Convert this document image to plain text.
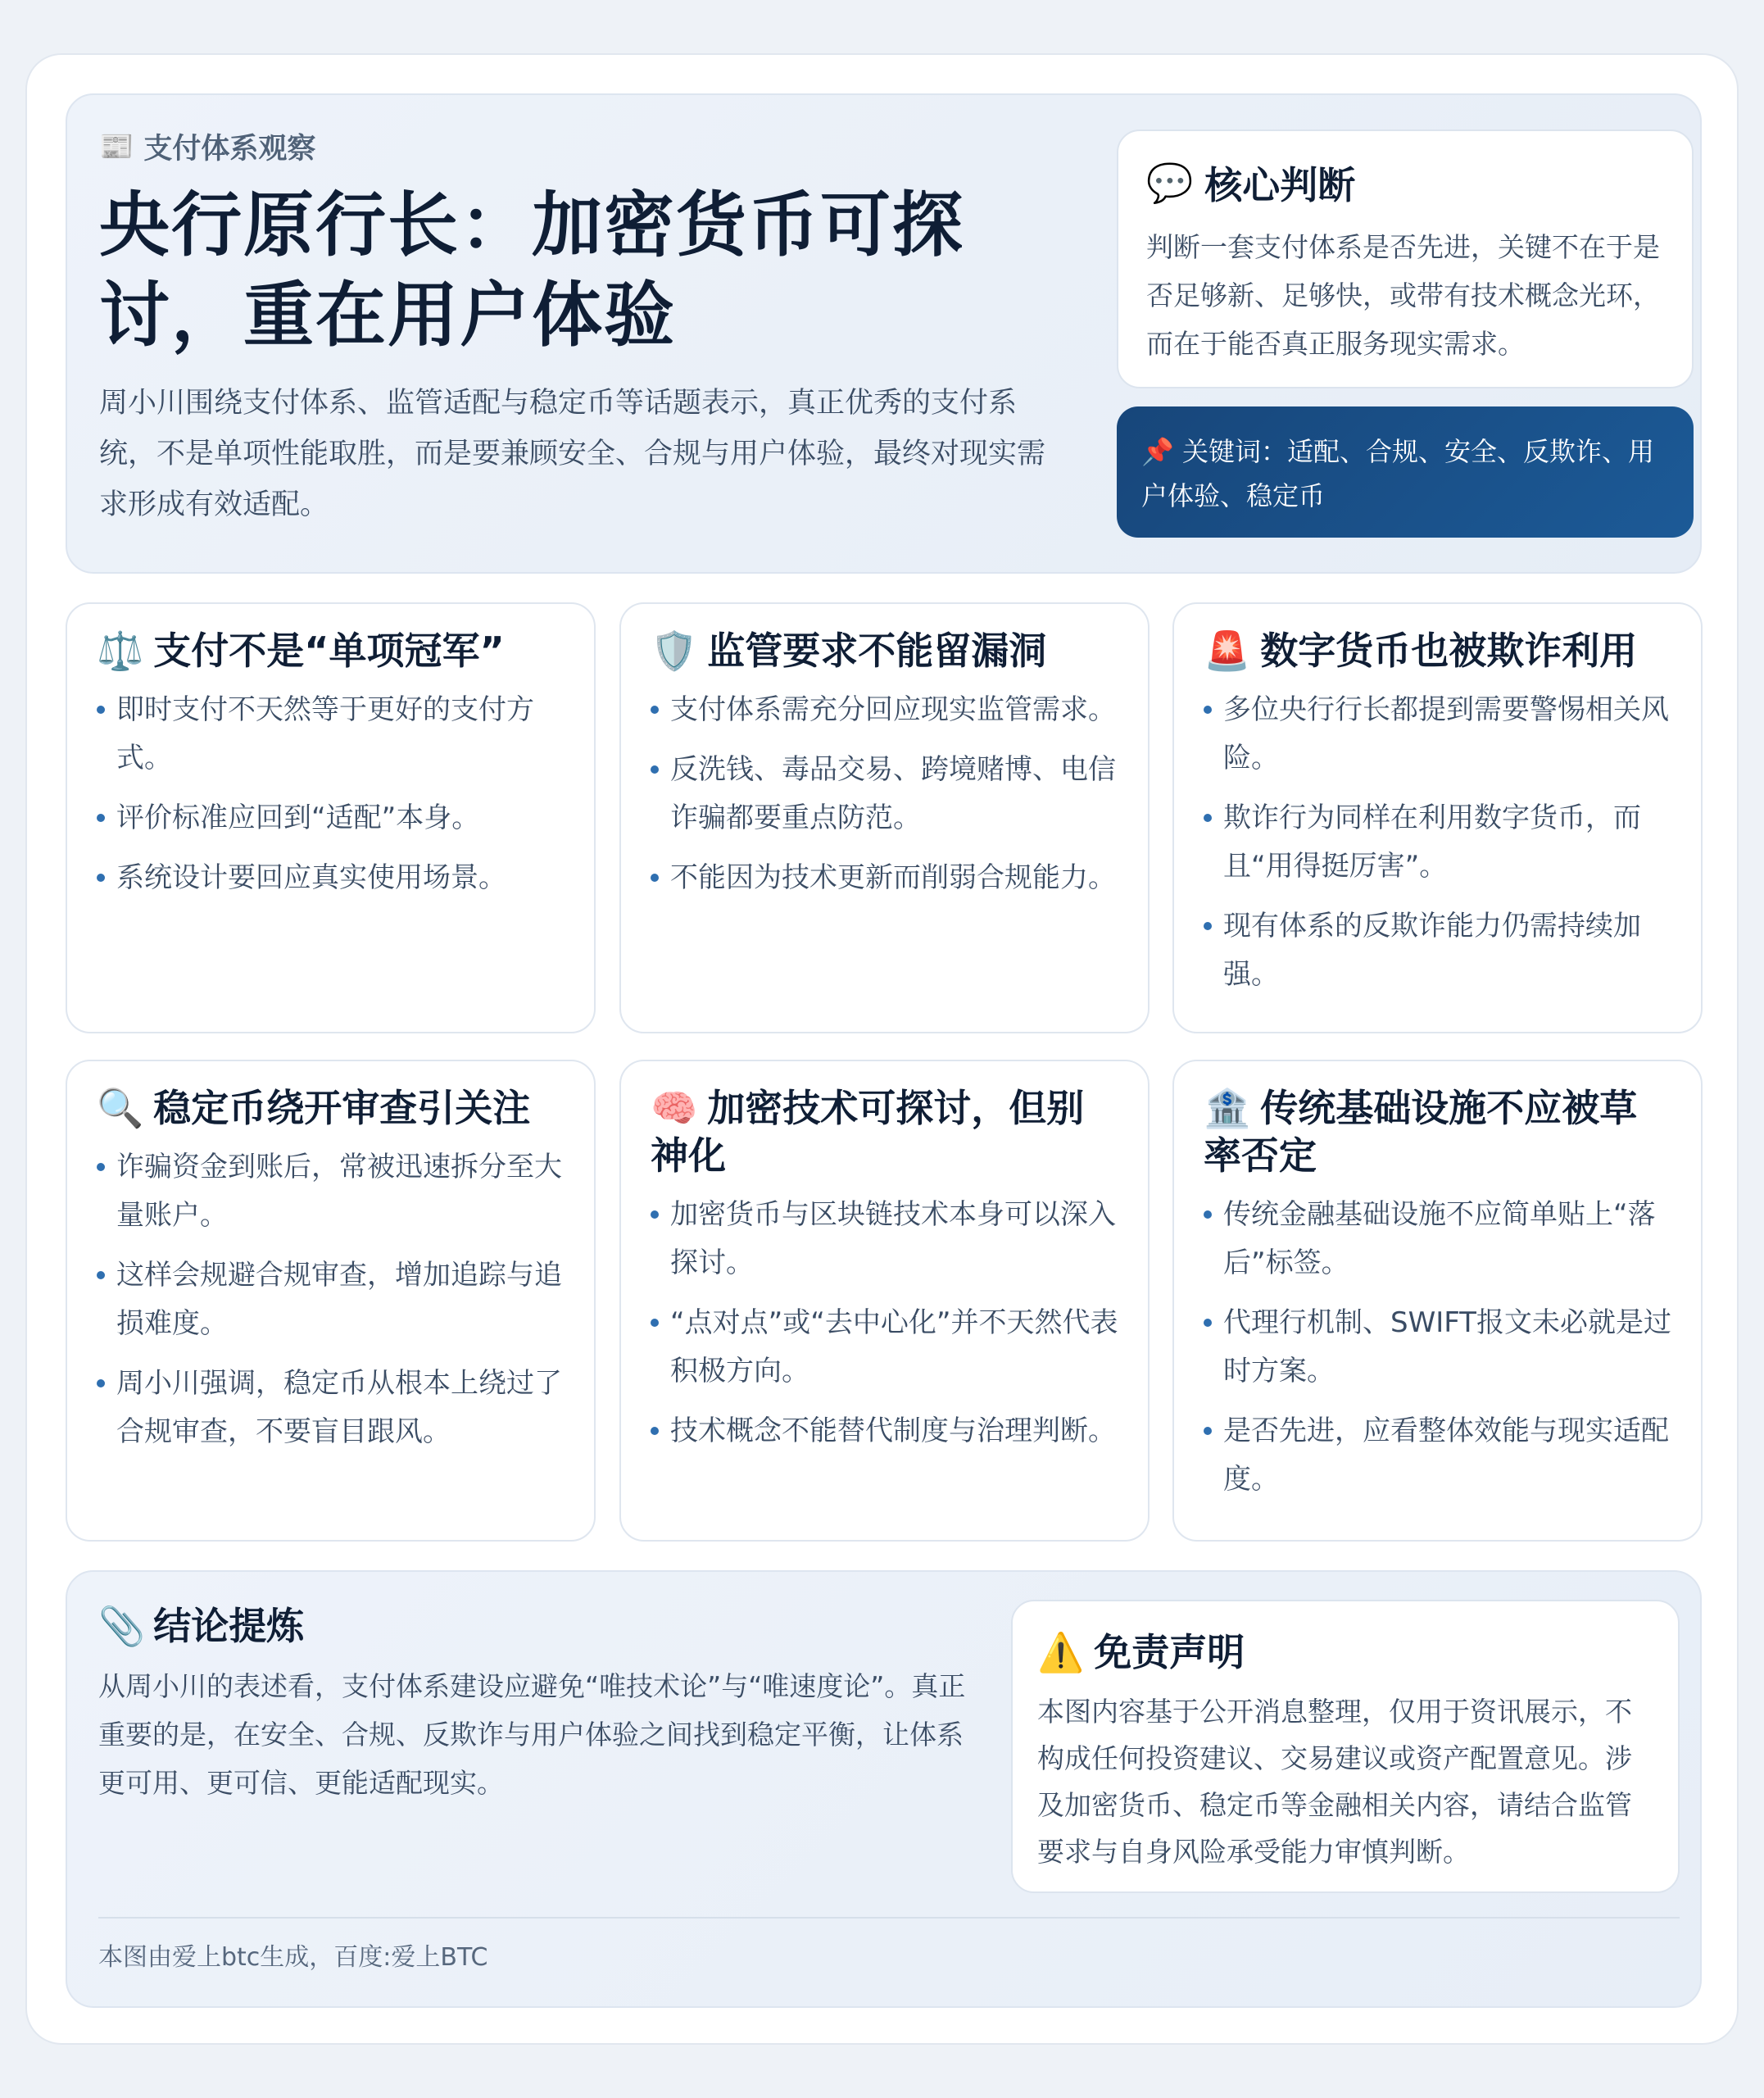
📰 支付体系观察
央行原行长：加密货币可探讨，重在用户体验

周小川围绕支付体系、监管适配与稳定币等话题表示，真正优秀的支付系统，不是单项性能取胜，而是要兼顾安全、合规与用户体验，最终对现实需求形成有效适配。

💬 核心判断

判断一套支付体系是否先进，关键不在于是否足够新、足够快，或带有技术概念光环，而在于能否真正服务现实需求。

📌 关键词：适配、合规、安全、反欺诈、用户体验、稳定币
⚖️ 支付不是“单项冠军”
即时支付不天然等于更好的支付方式。
评价标准应回到“适配”本身。
系统设计要回应真实使用场景。
🛡️ 监管要求不能留漏洞
支付体系需充分回应现实监管需求。
反洗钱、毒品交易、跨境赌博、电信诈骗都要重点防范。
不能因为技术更新而削弱合规能力。
🚨 数字货币也被欺诈利用
多位央行行长都提到需要警惕相关风险。
欺诈行为同样在利用数字货币，而且“用得挺厉害”。
现有体系的反欺诈能力仍需持续加强。
🔍 稳定币绕开审查引关注
诈骗资金到账后，常被迅速拆分至大量账户。
这样会规避合规审查，增加追踪与追损难度。
周小川强调，稳定币从根本上绕过了合规审查，不要盲目跟风。
🧠 加密技术可探讨，但别神化
加密货币与区块链技术本身可以深入探讨。
“点对点”或“去中心化”并不天然代表积极方向。
技术概念不能替代制度与治理判断。
🏦 传统基础设施不应被草率否定
传统金融基础设施不应简单贴上“落后”标签。
代理行机制、SWIFT报文未必就是过时方案。
是否先进，应看整体效能与现实适配度。
📎 结论提炼

从周小川的表述看，支付体系建设应避免“唯技术论”与“唯速度论”。真正重要的是，在安全、合规、反欺诈与用户体验之间找到稳定平衡，让体系更可用、更可信、更能适配现实。

⚠️ 免责声明

本图内容基于公开消息整理，仅用于资讯展示，不构成任何投资建议、交易建议或资产配置意见。涉及加密货币、稳定币等金融相关内容，请结合监管要求与自身风险承受能力审慎判断。

本图由爱上btc生成，百度:爱上BTC
